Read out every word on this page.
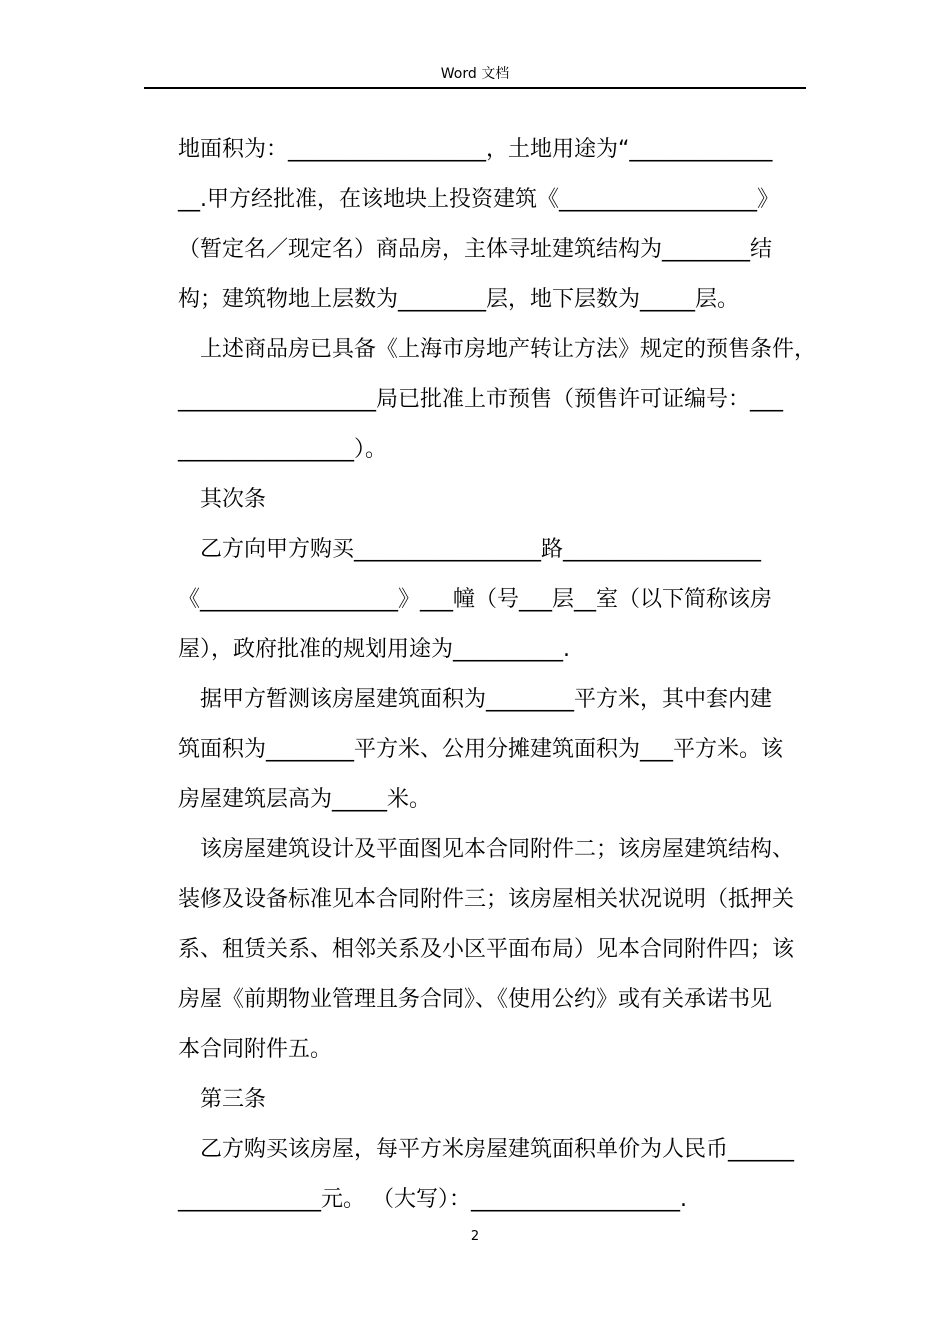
Word 文档
地面积为：__________________，土地用途为“_____________
__.甲方经批准，在该地块上投资建筑《__________________》
（暂定名／现定名）商品房，主体寻址建筑结构为________结
构；建筑物地上层数为________层，地下层数为_____层。
上述商品房已具备《上海市房地产转让方法》规定的预售条件，
__________________局已批准上市预售（预售许可证编号：___
________________）。
其次条
乙方向甲方购买_________________路__________________
《__________________》___幢（号___层__室（以下简称该房
屋），政府批准的规划用途为__________.
据甲方暂测该房屋建筑面积为________平方米，其中套内建
筑面积为________平方米、公用分摊建筑面积为___平方米。该
房屋建筑层高为_____米。
该房屋建筑设计及平面图见本合同附件二；该房屋建筑结构、
装修及设备标准见本合同附件三；该房屋相关状况说明（抵押关
系、租赁关系、相邻关系及小区平面布局）见本合同附件四；该
房屋《前期物业管理且务合同》、《使用公约》或有关承诺书见
本合同附件五。
第三条
乙方购买该房屋，每平方米房屋建筑面积单价为人民币______
_____________元。 （大写）：___________________.
2
